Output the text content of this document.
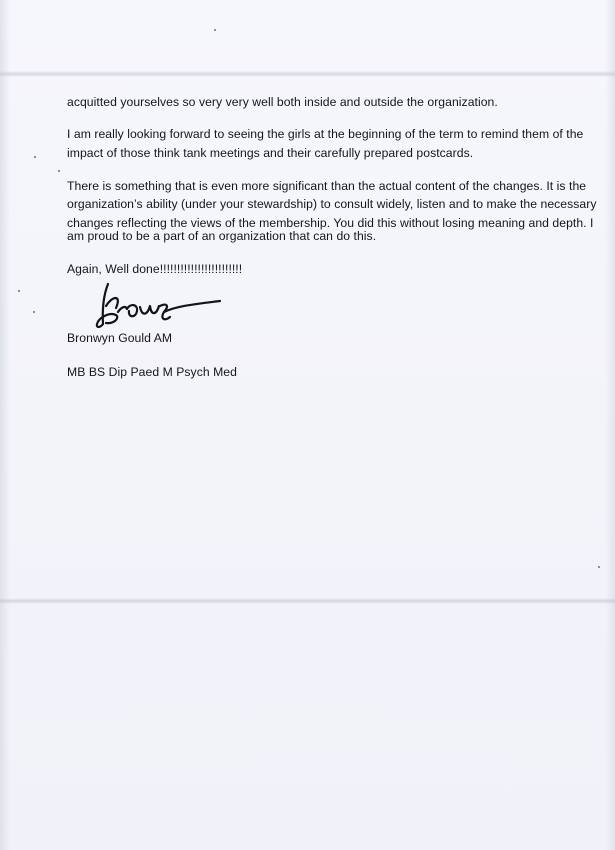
acquitted yourselves so very very well both inside and outside the organization.
I am really looking forward to seeing the girls at the beginning of the term to remind them of the
impact of those think tank meetings and their carefully prepared postcards.
There is something that is even more significant than the actual content of the changes. It is the
organization’s ability (under your stewardship) to consult widely, listen and to make the necessary
changes reflecting the views of the membership. You did this without losing meaning and depth. I
am proud to be a part of an organization that can do this.
Again, Well done!!!!!!!!!!!!!!!!!!!!!!!!
Bronwyn Gould AM
MB BS Dip Paed M Psych Med
